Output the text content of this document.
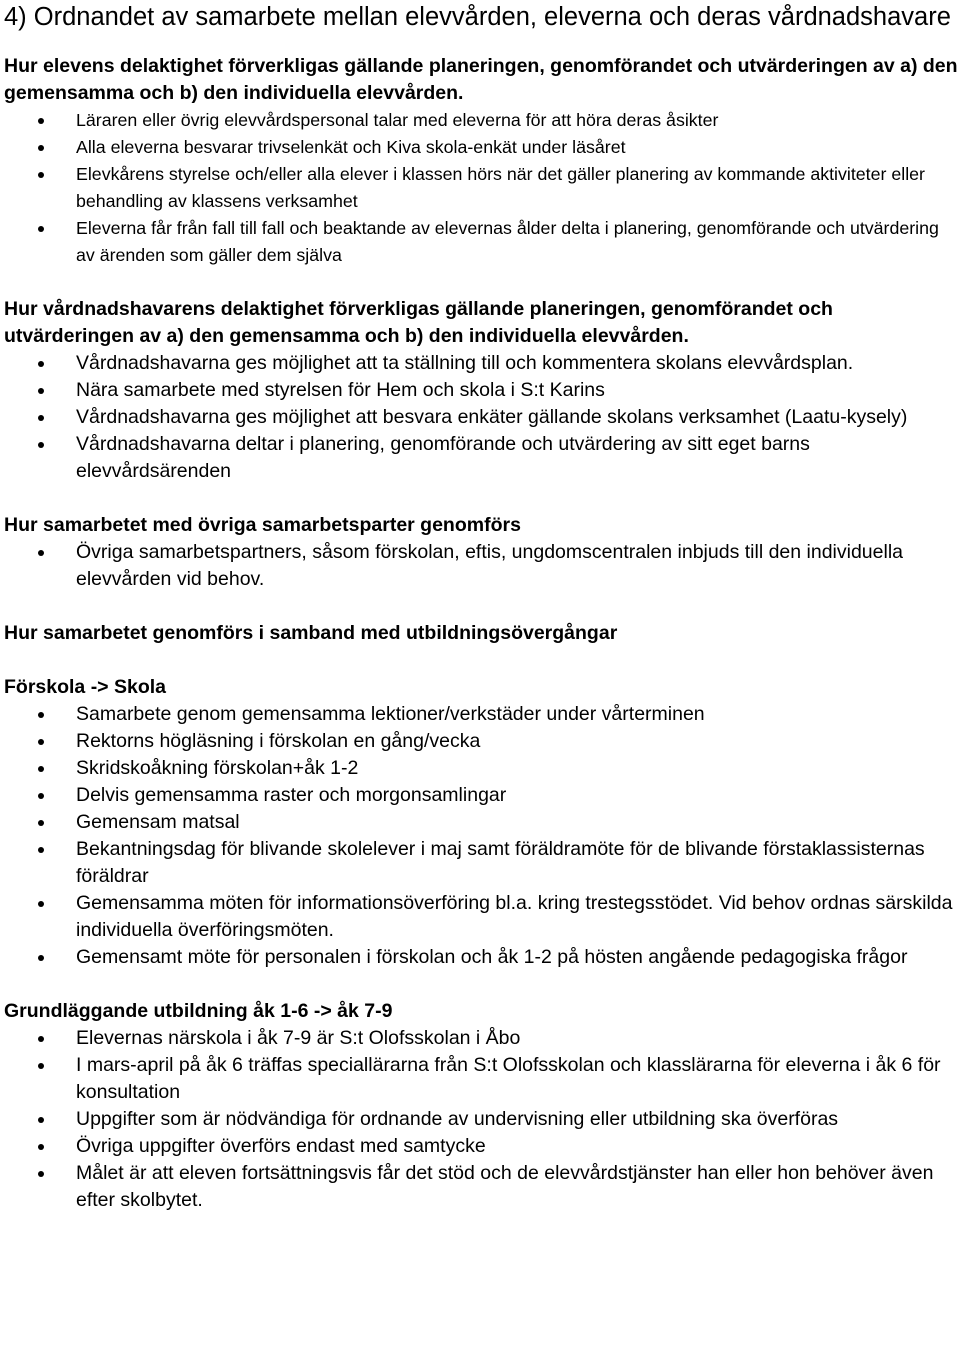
4) Ordnandet av samarbete mellan elevvården, eleverna och deras vårdnadshavare
Hur elevens delaktighet förverkligas gällande planeringen, genomförandet och utvärderingen av a) den gemensamma och b) den individuella elevvården.
Läraren eller övrig elevvårdspersonal talar med eleverna för att höra deras åsikter
Alla eleverna besvarar trivselenkät och Kiva skola-enkät under läsåret
Elevkårens styrelse och/eller alla elever i klassen hörs när det gäller planering av kommande aktiviteter eller behandling av klassens verksamhet
Eleverna får från fall till fall och beaktande av elevernas ålder delta i planering, genomförande och utvärdering av ärenden som gäller dem själva
Hur vårdnadshavarens delaktighet förverkligas gällande planeringen, genomförandet och utvärderingen av a) den gemensamma och b) den individuella elevvården.
Vårdnadshavarna ges möjlighet att ta ställning till och kommentera skolans elevvårdsplan.
Nära samarbete med styrelsen för Hem och skola i S:t Karins
Vårdnadshavarna ges möjlighet att besvara enkäter gällande skolans verksamhet (Laatu-kysely)
Vårdnadshavarna deltar i planering, genomförande och utvärdering av sitt eget barns elevvårdsärenden
Hur samarbetet med övriga samarbetsparter genomförs
Övriga samarbetspartners, såsom förskolan, eftis, ungdomscentralen inbjuds till den individuella elevvården vid behov.
Hur samarbetet genomförs i samband med utbildningsövergångar
Förskola -> Skola
Samarbete genom gemensamma lektioner/verkstäder under vårterminen
Rektorns högläsning i förskolan en gång/vecka
Skridskoåkning förskolan+åk 1-2
Delvis gemensamma raster och morgonsamlingar
Gemensam matsal
Bekantningsdag för blivande skolelever i maj samt föräldramöte för de blivande förstaklassisternas föräldrar
Gemensamma möten för informationsöverföring bl.a. kring trestegsstödet. Vid behov ordnas särskilda individuella överföringsmöten.
Gemensamt möte för personalen i förskolan och åk 1-2 på hösten angående pedagogiska frågor
Grundläggande utbildning åk 1-6 -> åk 7-9
Elevernas närskola i åk 7-9 är S:t Olofsskolan i Åbo
I mars-april på åk 6 träffas speciallärarna från S:t Olofsskolan och klasslärarna för eleverna i åk 6 för konsultation
Uppgifter som är nödvändiga för ordnande av undervisning eller utbildning ska överföras
Övriga uppgifter överförs endast med samtycke
Målet är att eleven fortsättningsvis får det stöd och de elevvårdstjänster han eller hon behöver även efter skolbytet.
